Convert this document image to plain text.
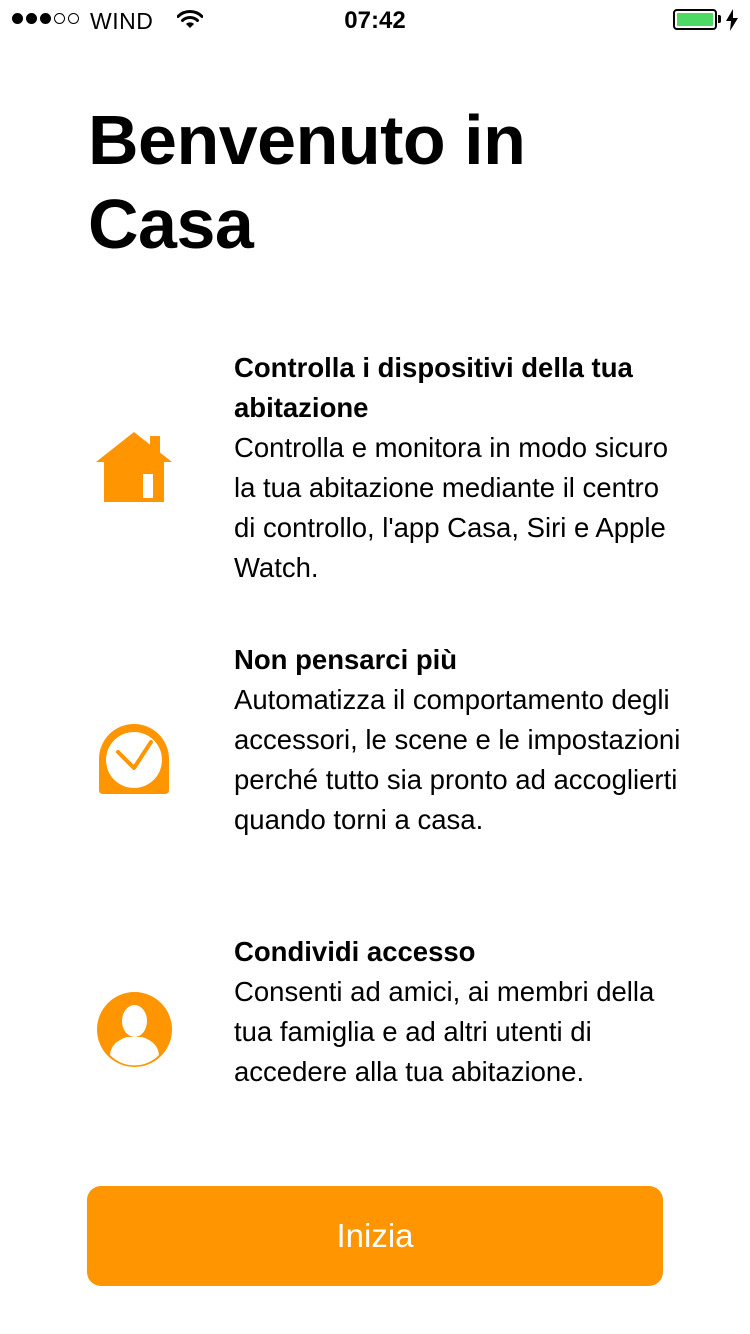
WIND	07:42
Benvenuto in Casa
Controlla i dispositivi della tua abitazione
Controlla e monitora in modo sicuro la tua abitazione mediante il centro di controllo, l'app Casa, Siri e Apple Watch.
Non pensarci più
Automatizza il comportamento degli accessori, le scene e le impostazioni perché tutto sia pronto ad accoglierti quando torni a casa.
Condividi accesso
Consenti ad amici, ai membri della tua famiglia e ad altri utenti di accedere alla tua abitazione.
Inizia
